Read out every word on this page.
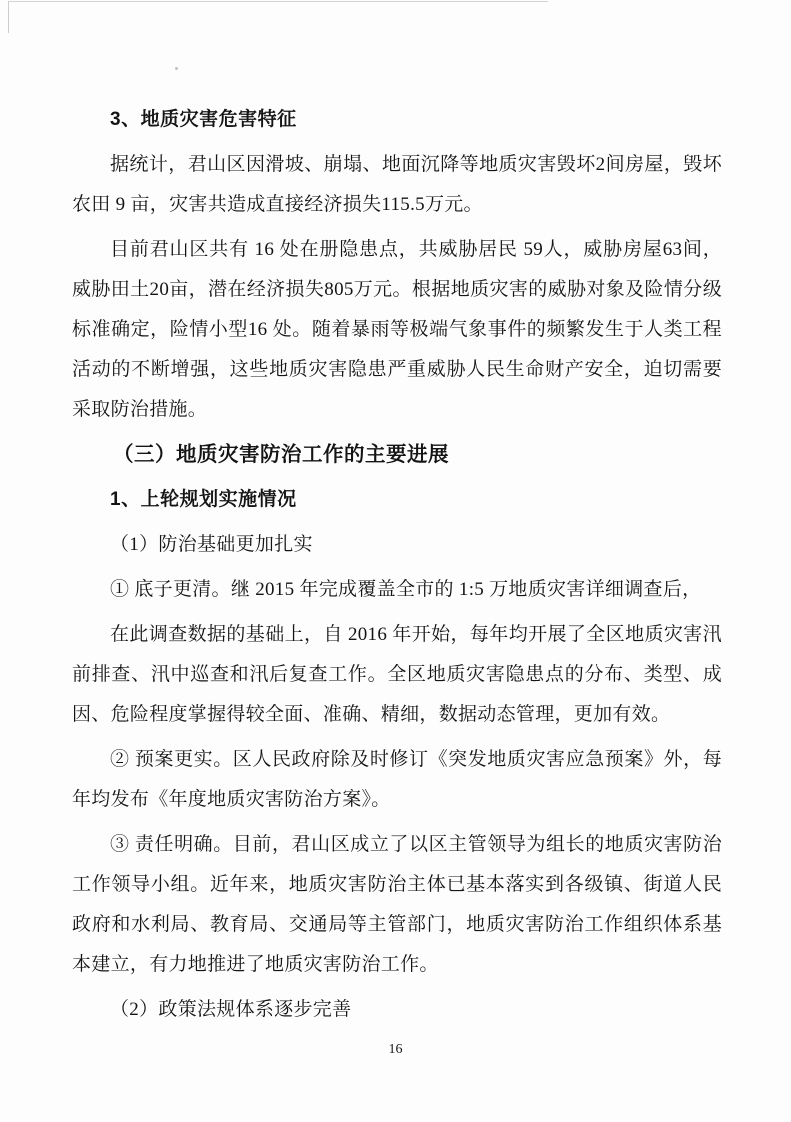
3、地质灾害危害特征

据统计，君山区因滑坡、崩塌、地面沉降等地质灾害毁坏2间房屋，毁坏农田 9 亩，灾害共造成直接经济损失115.5万元。

目前君山区共有 16 处在册隐患点，共威胁居民 59人，威胁房屋63间，威胁田土20亩，潜在经济损失805万元。根据地质灾害的威胁对象及险情分级标准确定，险情小型16 处。随着暴雨等极端气象事件的频繁发生于人类工程活动的不断增强，这些地质灾害隐患严重威胁人民生命财产安全，迫切需要采取防治措施。

（三）地质灾害防治工作的主要进展
1、上轮规划实施情况

（1）防治基础更加扎实

① 底子更清。继 2015 年完成覆盖全市的 1:5 万地质灾害详细调查后，

在此调查数据的基础上，自 2016 年开始，每年均开展了全区地质灾害汛前排查、汛中巡查和汛后复查工作。全区地质灾害隐患点的分布、类型、成因、危险程度掌握得较全面、准确、精细，数据动态管理，更加有效。

② 预案更实。区人民政府除及时修订《突发地质灾害应急预案》外，每年均发布《年度地质灾害防治方案》。

③ 责任明确。目前，君山区成立了以区主管领导为组长的地质灾害防治工作领导小组。近年来，地质灾害防治主体已基本落实到各级镇、街道人民政府和水利局、教育局、交通局等主管部门，地质灾害防治工作组织体系基本建立，有力地推进了地质灾害防治工作。

（2）政策法规体系逐步完善

16
